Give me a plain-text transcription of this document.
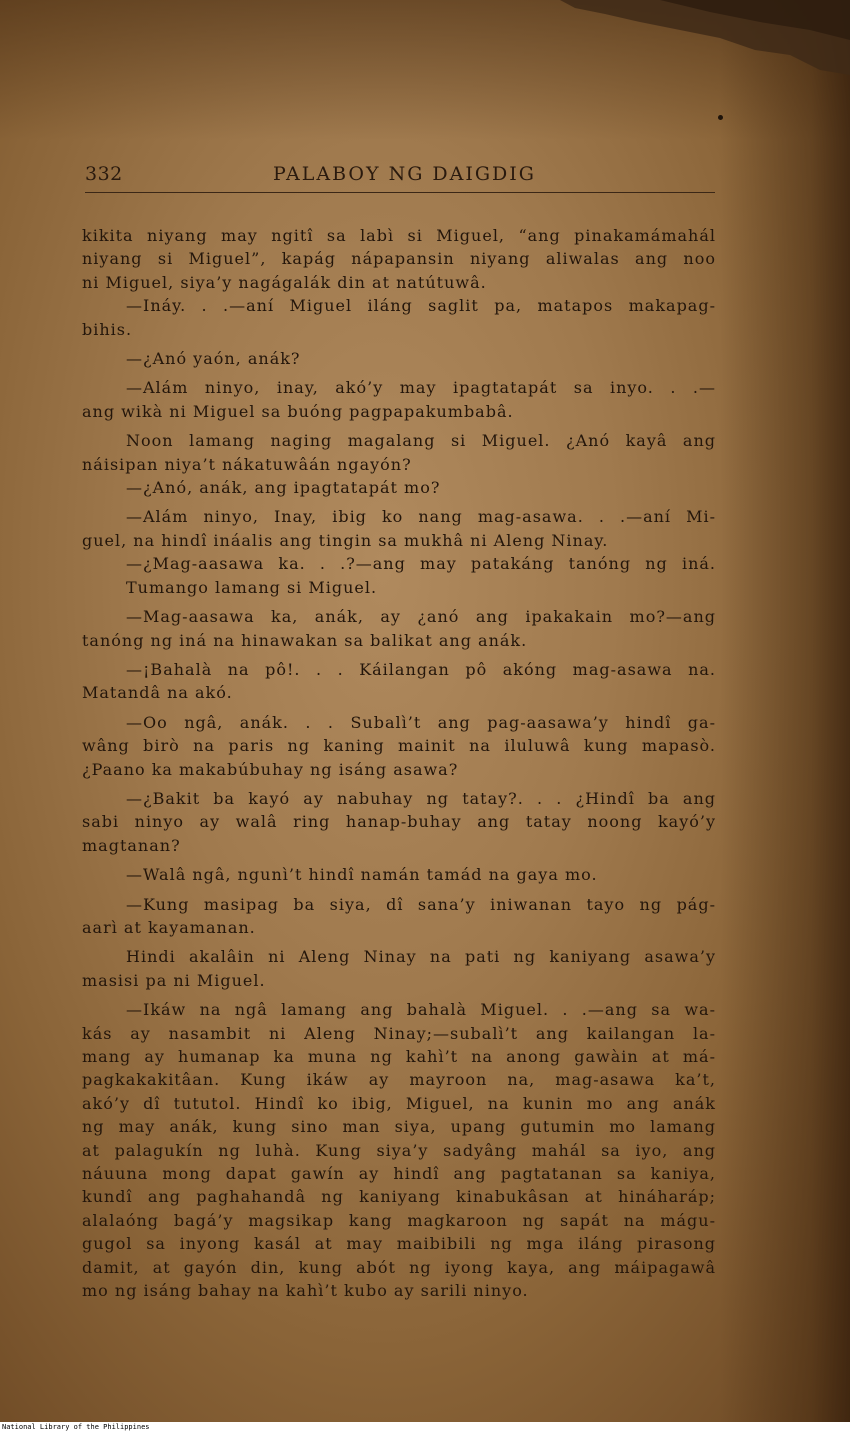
332	PALABOY NG DAIGDIG
kikita niyang may ngitî sa labì si Miguel, “ang pinakamámahál
niyang si Miguel”, kapág nápapansin niyang aliwalas ang noo
ni Miguel, siya’y nagágalák din at natútuwâ.
—Ináy. . .—aní Miguel iláng saglit pa, matapos makapag-
bihis.
—¿Anó yaón, anák?
—Alám ninyo, inay, akó’y may ipagtatapát sa inyo. . .—
ang wikà ni Miguel sa buóng pagpapakumbabâ.
Noon lamang naging magalang si Miguel. ¿Anó kayâ ang
náisipan niya’t nákatuwâán ngayón?
—¿Anó, anák, ang ipagtatapát mo?
—Alám ninyo, Inay, ibig ko nang mag-asawa. . .—aní Mi-
guel, na hindî ináalis ang tingin sa mukhâ ni Aleng Ninay.
—¿Mag-aasawa ka. . .?—ang may patakáng tanóng ng iná.
Tumango lamang si Miguel.
—Mag-aasawa ka, anák, ay ¿anó ang ipakakain mo?—ang
tanóng ng iná na hinawakan sa balikat ang anák.
—¡Bahalà na pô!. . . Káilangan pô akóng mag-asawa na.
Matandâ na akó.
—Oo ngâ, anák. . . Subalì’t ang pag-aasawa’y hindî ga-
wâng birò na paris ng kaning mainit na iluluwâ kung mapasò.
¿Paano ka makabúbuhay ng isáng asawa?
—¿Bakit ba kayó ay nabuhay ng tatay?. . . ¿Hindî ba ang
sabi ninyo ay walâ ring hanap-buhay ang tatay noong kayó’y
magtanan?
—Walâ ngâ, ngunì’t hindî namán tamád na gaya mo.
—Kung masipag ba siya, dî sana’y iniwanan tayo ng pág-
aarì at kayamanan.
Hindi akalâin ni Aleng Ninay na pati ng kaniyang asawa’y
masisi pa ni Miguel.
—Ikáw na ngâ lamang ang bahalà Miguel. . .—ang sa wa-
kás ay nasambit ni Aleng Ninay;—subalì’t ang kailangan la-
mang ay humanap ka muna ng kahì’t na anong gawàin at má-
pagkakakitâan. Kung ikáw ay mayroon na, mag-asawa ka’t,
akó’y dî tututol. Hindî ko ibig, Miguel, na kunin mo ang anák
ng may anák, kung sino man siya, upang gutumin mo lamang
at palagukín ng luhà. Kung siya’y sadyâng mahál sa iyo, ang
náuuna mong dapat gawín ay hindî ang pagtatanan sa kaniya,
kundî ang paghahandâ ng kaniyang kinabukâsan at hináharáp;
alalaóng bagá’y magsikap kang magkaroon ng sapát na mágu-
gugol sa inyong kasál at may maibibili ng mga iláng pirasong
damit, at gayón din, kung abót ng iyong kaya, ang máipagawâ
mo ng isáng bahay na kahì’t kubo ay sarili ninyo.
National Library of the Philippines
